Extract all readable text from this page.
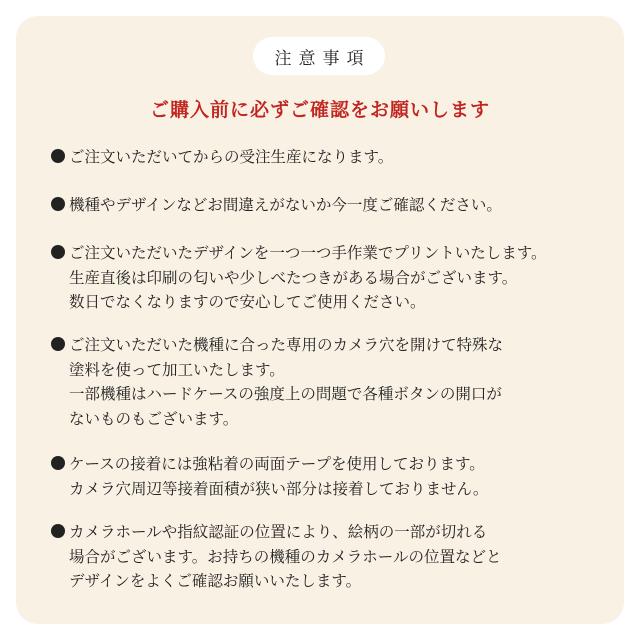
注意事項
ご購入前に必ずご確認をお願いします
ご注文いただいてからの受注生産になります。
機種やデザインなどお間違えがないか今一度ご確認ください。
ご注文いただいたデザインを一つ一つ手作業でプリントいたします。
生産直後は印刷の匂いや少しべたつきがある場合がございます。
数日でなくなりますので安心してご使用ください。
ご注文いただいた機種に合った専用のカメラ穴を開けて特殊な
塗料を使って加工いたします。
一部機種はハードケースの強度上の問題で各種ボタンの開口が
ないものもございます。
ケースの接着には強粘着の両面テープを使用しております。
カメラ穴周辺等接着面積が狭い部分は接着しておりません。
カメラホールや指紋認証の位置により、絵柄の一部が切れる
場合がございます。お持ちの機種のカメラホールの位置などと
デザインをよくご確認お願いいたします。
